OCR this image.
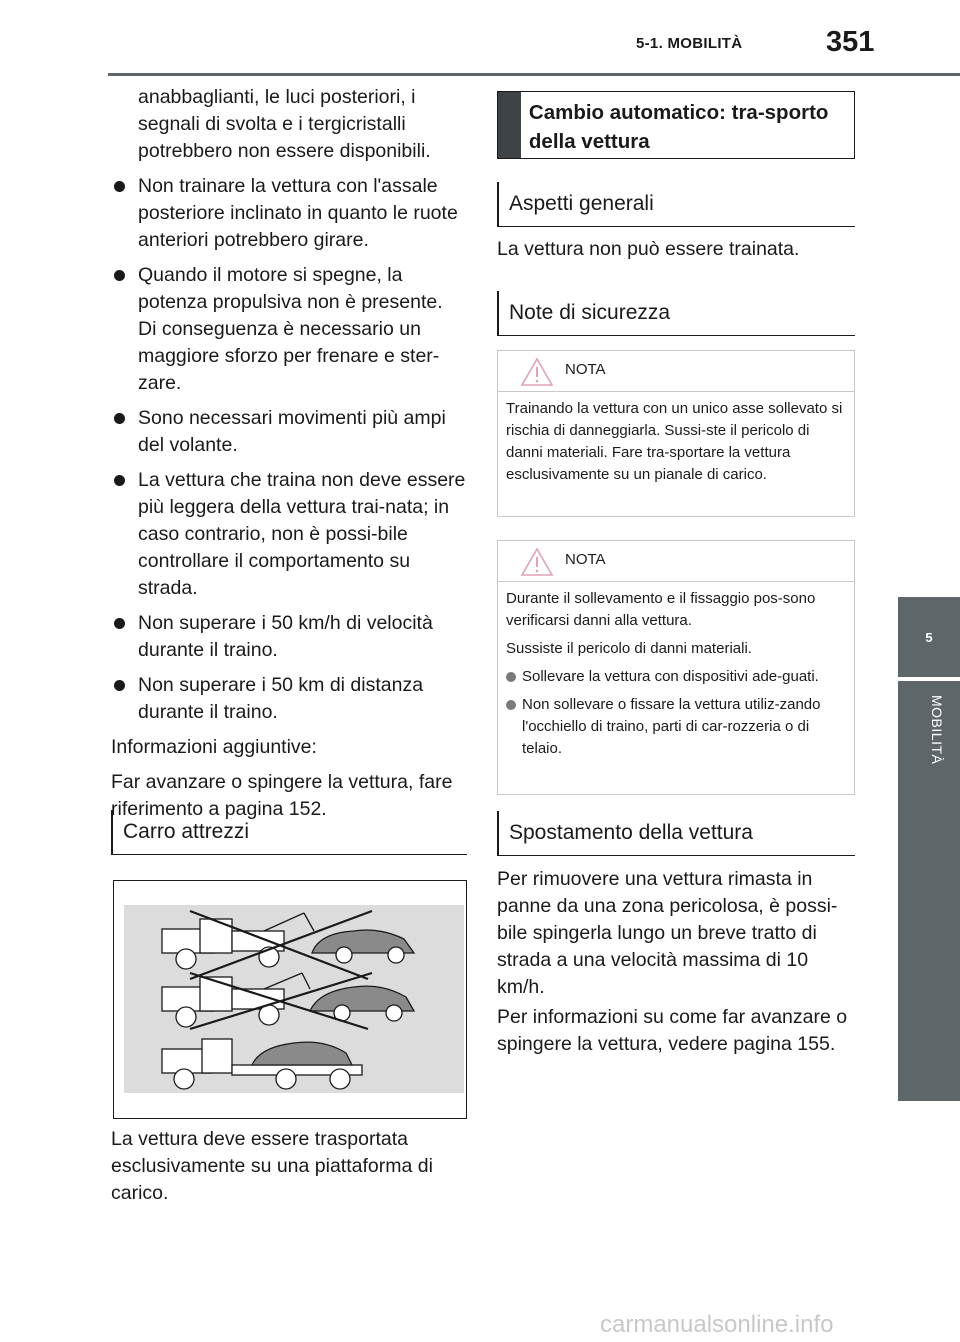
5-1. MOBILITÀ	351
5
MOBILITÀ

anabbaglianti, le luci posteriori, i segnali di svolta e i tergicristalli potrebbero non essere disponibili.

Non trainare la vettura con l'assale posteriore inclinato in quanto le ruote anteriori potrebbero girare.

Quando il motore si spegne, la potenza propulsiva non è presente. Di conseguenza è necessario un maggiore sforzo per frenare e ster-zare.

Sono necessari movimenti più ampi del volante.

La vettura che traina non deve essere più leggera della vettura trai-nata; in caso contrario, non è possi-bile controllare il comportamento su strada.

Non superare i 50 km/h di velocità durante il traino.

Non superare i 50 km di distanza durante il traino.

Informazioni aggiuntive:

Far avanzare o spingere la vettura, fare riferimento a pagina 152.

Carro attrezzi

La vettura deve essere trasportata esclusivamente su una piattaforma di carico.

Cambio automatico: tra-sporto della vettura
Aspetti generali

La vettura non può essere trainata.

Note di sicurezza
NOTA

Trainando la vettura con un unico asse sollevato si rischia di danneggiarla. Sussi-ste il pericolo di danni materiali. Fare tra-sportare la vettura esclusivamente su un pianale di carico.

NOTA

Durante il sollevamento e il fissaggio pos-sono verificarsi danni alla vettura.

Sussiste il pericolo di danni materiali.

Sollevare la vettura con dispositivi ade-guati.

Non sollevare o fissare la vettura utiliz-zando l'occhiello di traino, parti di car-rozzeria o di telaio.

Spostamento della vettura

Per rimuovere una vettura rimasta in panne da una zona pericolosa, è possi-bile spingerla lungo un breve tratto di strada a una velocità massima di 10 km/h.

Per informazioni su come far avanzare o spingere la vettura, vedere pagina 155.

carmanualsonline.info
